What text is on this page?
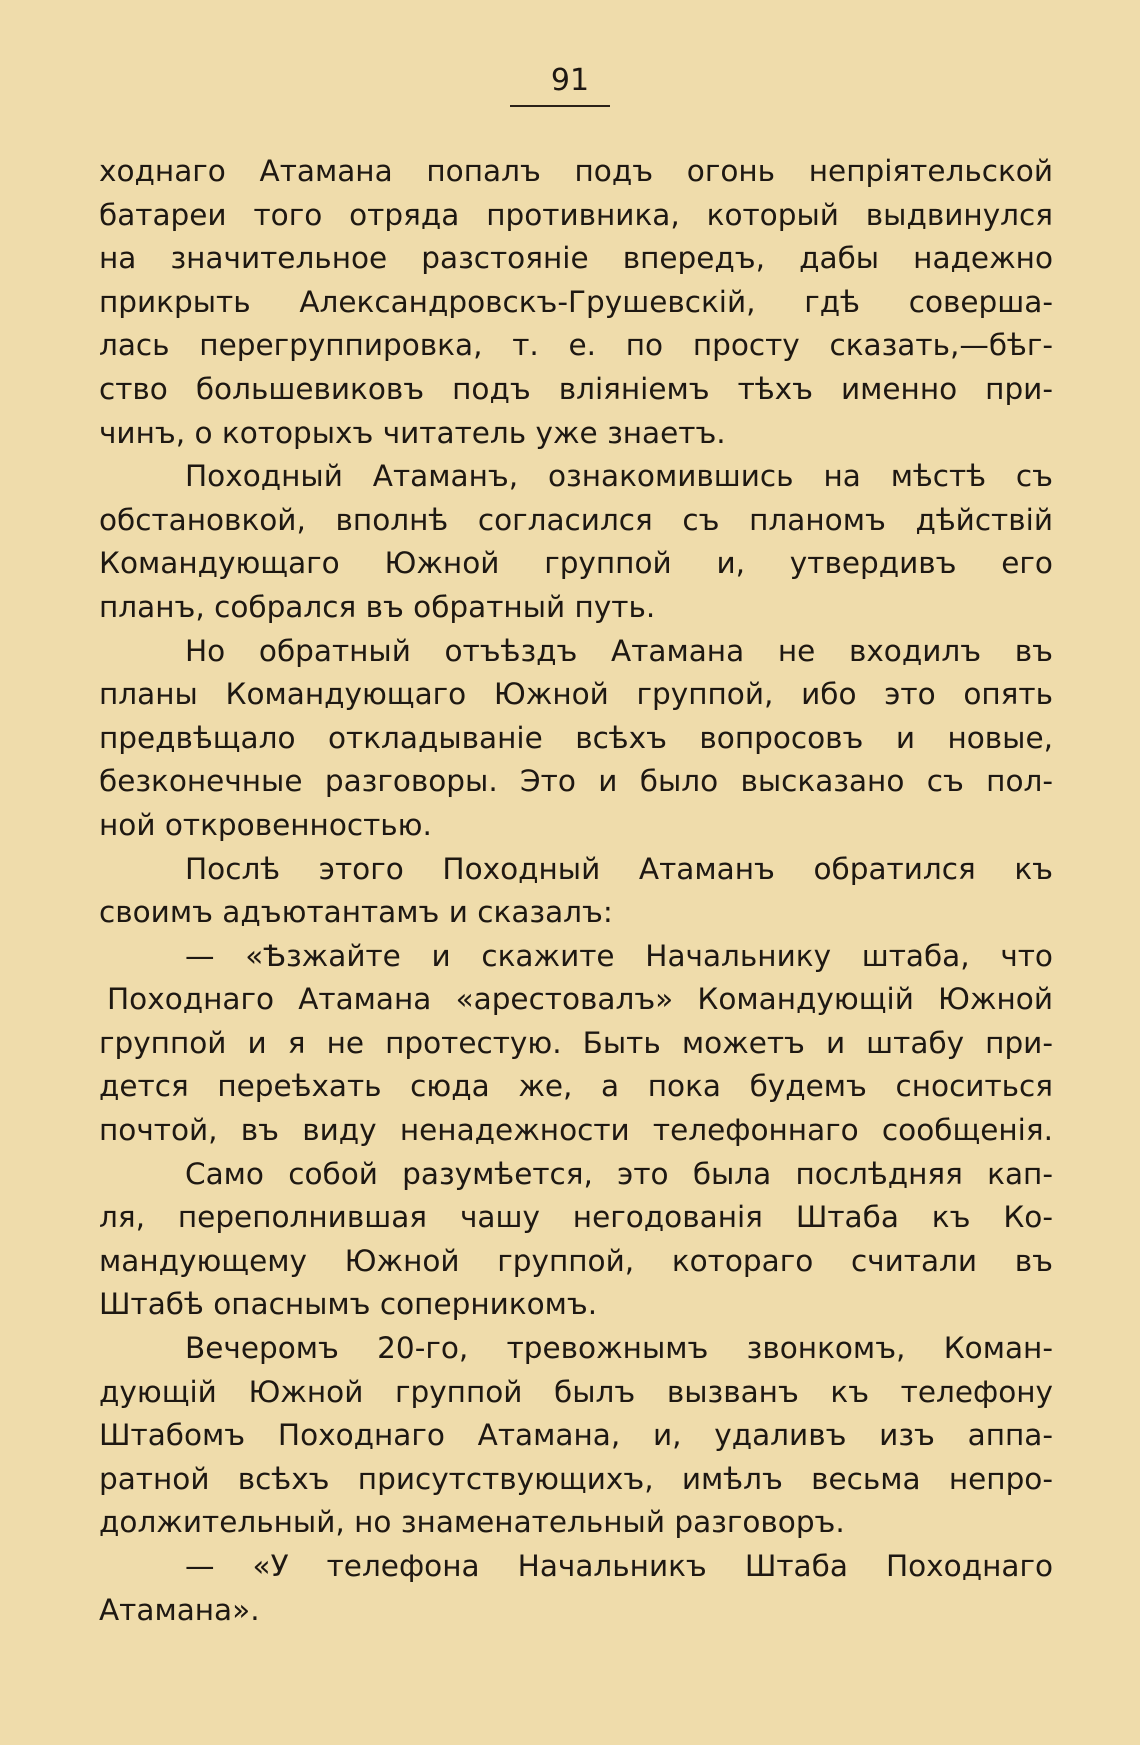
91
ходнаго Атамана попалъ подъ огонь непріятельской
батареи того отряда противника, который выдвинулся
на значительное разстояніе впередъ, дабы надежно
прикрыть Александровскъ-Грушевскій, гдѣ соверша-
лась перегруппировка, т. е. по просту сказать,—бѣг-
ство большевиковъ подъ вліяніемъ тѣхъ именно при-
чинъ, о которыхъ читатель уже знаетъ.
Походный Атаманъ, ознакомившись на мѣстѣ съ
обстановкой, вполнѣ согласился съ планомъ дѣйствій
Командующаго Южной группой и, утвердивъ его
планъ, собрался въ обратный путь.
Но обратный отъѣздъ Атамана не входилъ въ
планы Командующаго Южной группой, ибо это опять
предвѣщало откладываніе всѣхъ вопросовъ и новые,
безконечные разговоры. Это и было высказано съ пол-
ной откровенностью.
Послѣ этого Походный Атаманъ обратился къ
своимъ адъютантамъ и сказалъ:
— «Ѣзжайте и скажите Начальнику штаба, что
Походнаго Атамана «арестовалъ» Командующій Южной
группой и я не протестую. Быть можетъ и штабу при-
дется переѣхать сюда же, а пока будемъ сноситься
почтой, въ виду ненадежности телефоннаго сообщенія.
Само собой разумѣется, это была послѣдняя кап-
ля, переполнившая чашу негодованія Штаба къ Ко-
мандующему Южной группой, котораго считали въ
Штабѣ опаснымъ соперникомъ.
Вечеромъ 20-го, тревожнымъ звонкомъ, Коман-
дующій Южной группой былъ вызванъ къ телефону
Штабомъ Походнаго Атамана, и, удаливъ изъ аппа-
ратной всѣхъ присутствующихъ, имѣлъ весьма непро-
должительный, но знаменательный разговоръ.
— «У телефона Начальникъ Штаба Походнаго
Атамана».
